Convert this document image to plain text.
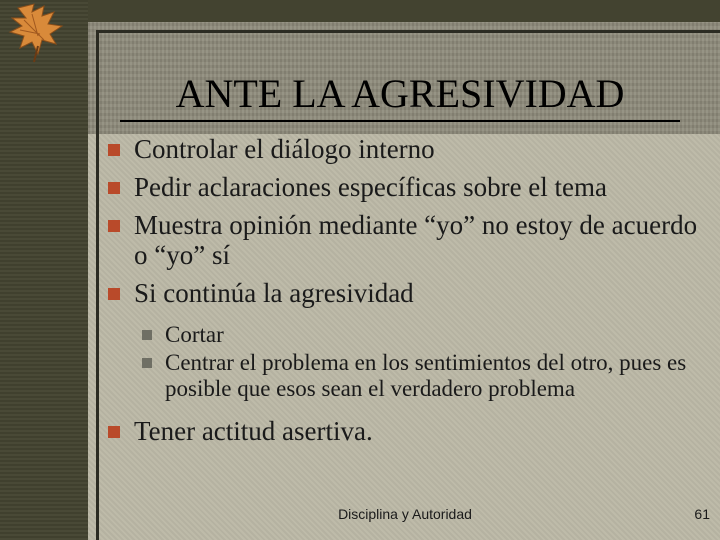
ANTE LA AGRESIVIDAD
Controlar el diálogo interno
Pedir aclaraciones específicas sobre el tema
Muestra opinión mediante “yo” no estoy de acuerdo o “yo” sí
Si continúa la agresividad
Cortar
Centrar el problema en los sentimientos del otro, pues es posible que esos sean el verdadero problema
Tener actitud asertiva.
Disciplina y Autoridad	61
